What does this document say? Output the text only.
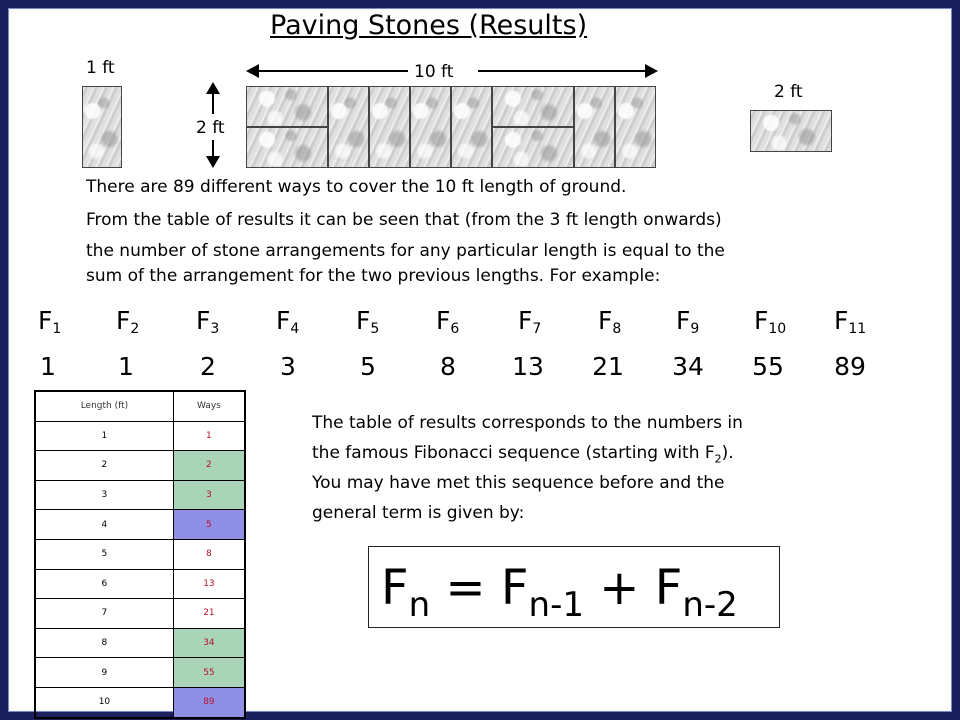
Paving Stones (Results)
1 ft
2 ft
10 ft
2 ft
There are 89 different ways to cover the 10 ft length of ground.
From the table of results it can be seen that (from the 3 ft length onwards)
the number of stone arrangements for any particular length is equal to the
sum of the arrangement for the two previous lengths. For example:
$F_1$ $F_2$ $F_3$ $F_4$ $F_5$ $F_6$ $F_7$ $F_8$ $F_9$ $F_{10}$ $F_{11}$
1	1	2	3	5	8	13	21	34	55	89
Length (ft)	Ways
1	1
2	2
3	3
4	5
5	8
6	13
7	21
8	34
9	55
10	89
The table of results corresponds to the numbers in
the famous Fibonacci sequence (starting with $F_2$).
You may have met this sequence before and the
general term is given by:
$F_n = F_{n-1} + F_{n-2}$
